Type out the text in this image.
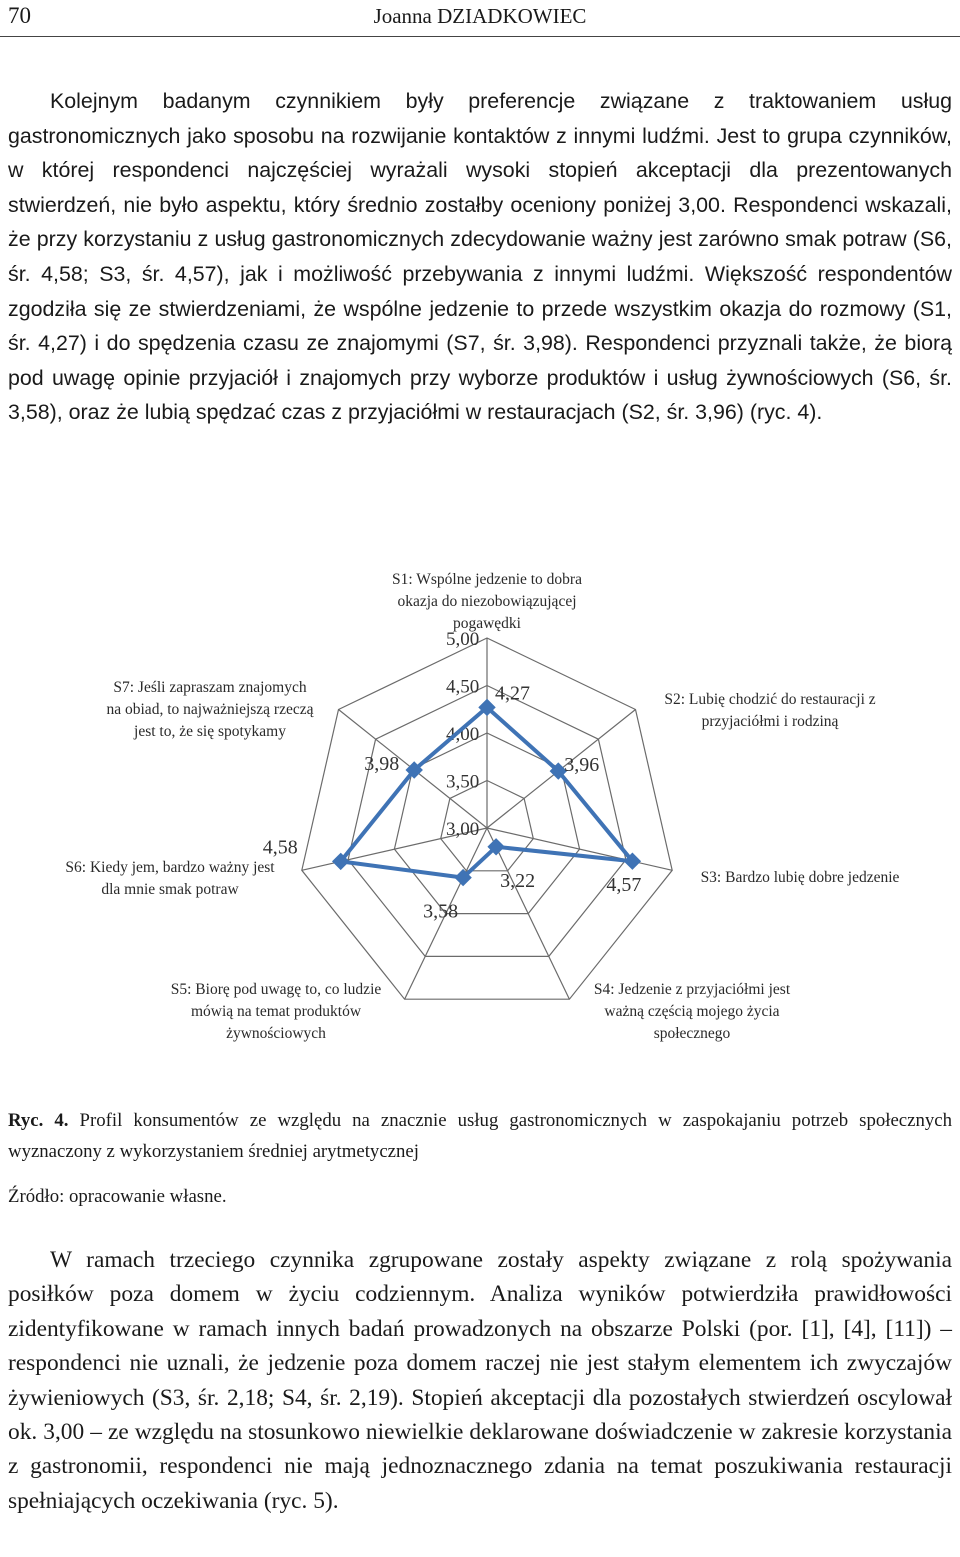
70	Joanna DZIADKOWIEC

Kolejnym badanym czynnikiem były preferencje związane z traktowaniem usług gastronomicznych jako sposobu na rozwijanie kontaktów z innymi ludźmi. Jest to grupa czynników, w której respondenci najczęściej wyrażali wysoki stopień akceptacji dla prezentowanych stwierdzeń, nie było aspektu, który średnio zostałby oceniony poniżej 3,00. Respondenci wskazali, że przy korzystaniu z usług gastronomicznych zdecydowanie ważny jest zarówno smak potraw (S6, śr. 4,58; S3, śr. 4,57), jak i możliwość przebywania z innymi ludźmi. Większość respondentów zgodziła się ze stwierdzeniami, że wspólne jedzenie to przede wszystkim okazja do rozmowy (S1, śr. 4,27) i do spędzenia czasu ze znajomymi (S7, śr. 3,98). Respondenci przyznali także, że biorą pod uwagę opinie przyjaciół i znajomych przy wyborze produktów i usług żywnościowych (S6, śr. 3,58), oraz że lubią spędzać czas z przyjaciółmi w restauracjach (S2, śr. 3,96) (ryc. 4).

3,00
3,50
4,00
4,50
5,00
4,27
3,96
4,57
3,22
3,58
4,58
3,98
S1: Wspólne jedzenie to dobra okazja do niezobowiązującej pogawędki
S2: Lubię chodzić do restauracji z przyjaciółmi i rodziną
S3: Bardzo lubię dobre jedzenie
S4: Jedzenie z przyjaciółmi jest ważną częścią mojego życia społecznego
S5: Biorę pod uwagę to, co ludzie mówią na temat produktów żywnościowych
S6: Kiedy jem, bardzo ważny jest dla mnie smak potraw
S7: Jeśli zapraszam znajomych na obiad, to najważniejszą rzeczą jest to, że się spotykamy
Ryc. 4. Profil konsumentów ze względu na znacznie usług gastronomicznych w zaspokajaniu potrzeb społecznych wyznaczony z wykorzystaniem średniej arytmetycznej
Źródło: opracowanie własne.

W ramach trzeciego czynnika zgrupowane zostały aspekty związane z rolą spożywania posiłków poza domem w życiu codziennym. Analiza wyników potwierdziła prawidłowości zidentyfikowane w ramach innych badań prowadzonych na obszarze Polski (por. [1], [4], [11]) – respondenci nie uznali, że jedzenie poza domem raczej nie jest stałym elementem ich zwyczajów żywieniowych (S3, śr. 2,18; S4, śr. 2,19). Stopień akceptacji dla pozostałych stwierdzeń oscylował ok. 3,00 – ze względu na stosunkowo niewielkie deklarowane doświadczenie w zakresie korzystania z gastronomii, respondenci nie mają jednoznacznego zdania na temat poszukiwania restauracji spełniających oczekiwania (ryc. 5).
